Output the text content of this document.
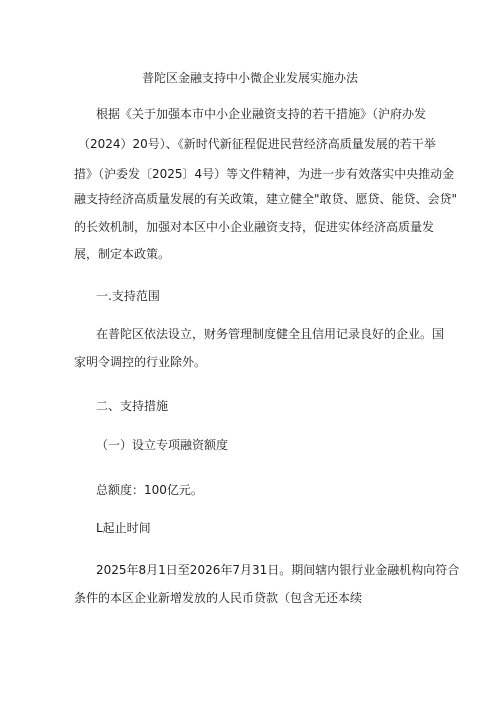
普陀区金融支持中小微企业发展实施办法
根据《关于加强本市中小企业融资支持的若干措施》（沪府办发
（2024）20号）、《新时代新征程促进民营经济高质量发展的若干举
措》（沪委发〔2025〕4号）等文件精神，为进一步有效落实中央推动金
融支持经济高质量发展的有关政策，建立健全"敢贷、愿贷、能贷、会贷"
的长效机制，加强对本区中小企业融资支持，促进实体经济高质量发
展，制定本政策。
一.支持范围
在普陀区依法设立，财务管理制度健全且信用记录良好的企业。国
家明令调控的行业除外。
二、支持措施
（一）设立专项融资额度
总额度：100亿元。
L起止时间
2025年8月1日至2026年7月31日。期间辖内银行业金融机构向符合
条件的本区企业新增发放的人民币贷款（包含无还本续
